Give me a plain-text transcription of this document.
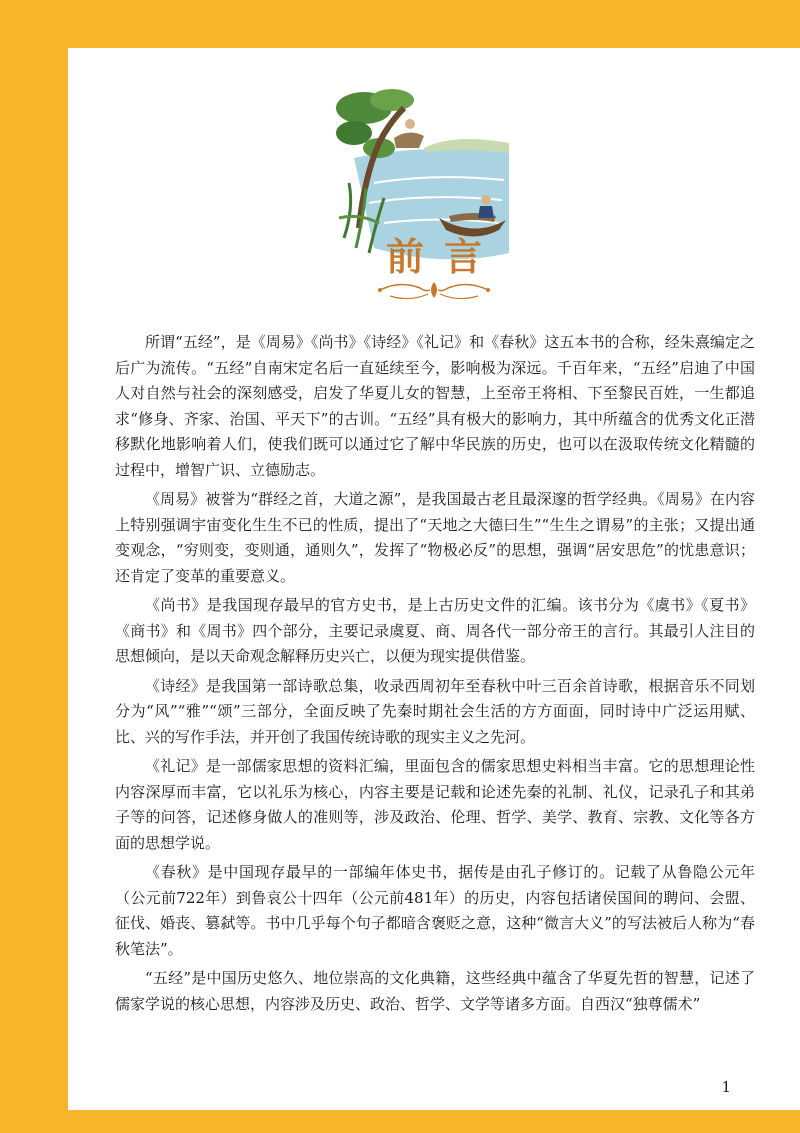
前言

所谓“五经”，是《周易》《尚书》《诗经》《礼记》和《春秋》这五本书的合称，经朱熹编定之后广为流传。“五经”自南宋定名后一直延续至今，影响极为深远。千百年来，“五经”启迪了中国人对自然与社会的深刻感受，启发了华夏儿女的智慧，上至帝王将相、下至黎民百姓，一生都追求“修身、齐家、治国、平天下”的古训。“五经”具有极大的影响力，其中所蕴含的优秀文化正潜移默化地影响着人们，使我们既可以通过它了解中华民族的历史，也可以在汲取传统文化精髓的过程中，增智广识、立德励志。

《周易》被誉为“群经之首，大道之源”，是我国最古老且最深邃的哲学经典。《周易》在内容上特别强调宇宙变化生生不已的性质，提出了“天地之大德曰生”“生生之谓易”的主张；又提出通变观念，“穷则变，变则通，通则久”，发挥了“物极必反”的思想，强调“居安思危”的忧患意识；还肯定了变革的重要意义。

《尚书》是我国现存最早的官方史书，是上古历史文件的汇编。该书分为《虞书》《夏书》《商书》和《周书》四个部分，主要记录虞夏、商、周各代一部分帝王的言行。其最引人注目的思想倾向，是以天命观念解释历史兴亡，以便为现实提供借鉴。

《诗经》是我国第一部诗歌总集，收录西周初年至春秋中叶三百余首诗歌，根据音乐不同划分为“风”“雅”“颂”三部分，全面反映了先秦时期社会生活的方方面面，同时诗中广泛运用赋、比、兴的写作手法，并开创了我国传统诗歌的现实主义之先河。

《礼记》是一部儒家思想的资料汇编，里面包含的儒家思想史料相当丰富。它的思想理论性内容深厚而丰富，它以礼乐为核心，内容主要是记载和论述先秦的礼制、礼仪，记录孔子和其弟子等的问答，记述修身做人的准则等，涉及政治、伦理、哲学、美学、教育、宗教、文化等各方面的思想学说。

《春秋》是中国现存最早的一部编年体史书，据传是由孔子修订的。记载了从鲁隐公元年（公元前722年）到鲁哀公十四年（公元前481年）的历史，内容包括诸侯国间的聘问、会盟、征伐、婚丧、篡弑等。书中几乎每个句子都暗含褒贬之意，这种“微言大义”的写法被后人称为“春秋笔法”。

“五经”是中国历史悠久、地位崇高的文化典籍，这些经典中蕴含了华夏先哲的智慧，记述了儒家学说的核心思想，内容涉及历史、政治、哲学、文学等诸多方面。自西汉“独尊儒术”

1
